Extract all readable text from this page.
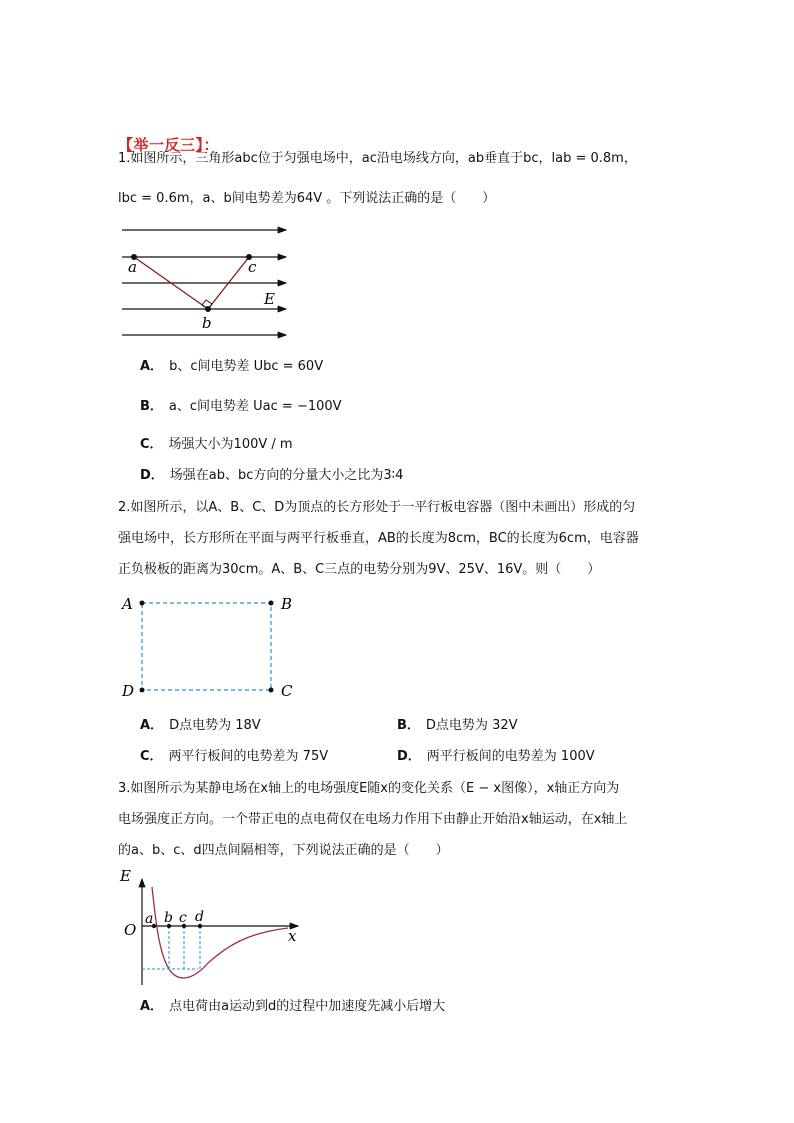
【举一反三】：
1.如图所示，三角形abc位于匀强电场中，ac沿电场线方向，ab垂直于bc，lab = 0.8m，
lbc = 0.6m，a、b间电势差为64V 。下列说法正确的是（　　）
a	c
b
E
A． b、c间电势差 Ubc = 60V
B． a、c间电势差 Uac = −100V
C． 场强大小为100V / m
D． 场强在ab、bc方向的分量大小之比为3∶4
2.如图所示，以A、B、C、D为顶点的长方形处于一平行板电容器（图中未画出）形成的匀
强电场中，长方形所在平面与两平行板垂直，AB的长度为8cm，BC的长度为6cm，电容器
正负极板的距离为30cm。A、B、C三点的电势分别为9V、25V、16V。则（　　）
A	B
C
D
A． D点电势为 18V	B． D点电势为 32V
C． 两平行板间的电势差为 75V	D． 两平行板间的电势差为 100V
3.如图所示为某静电场在x轴上的电场强度E随x的变化关系（E − x图像），x轴正方向为
电场强度正方向。一个带正电的点电荷仅在电场力作用下由静止开始沿x轴运动，在x轴上
的a、b、c、d四点间隔相等，下列说法正确的是（　　）
E
O	x
a b c d
A． 点电荷由a运动到d的过程中加速度先减小后增大
